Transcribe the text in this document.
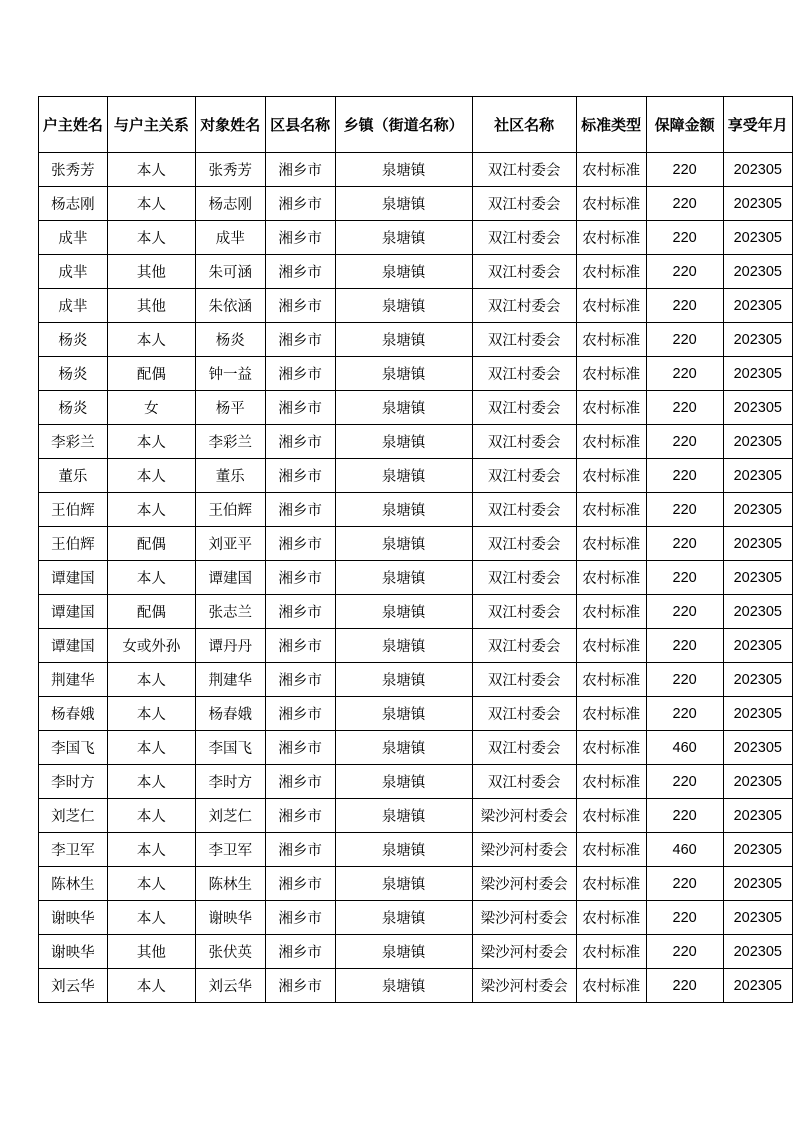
户主姓名	与户主关系	对象姓名	区县名称	乡镇（街道名称）	社区名称	标准类型	保障金额	享受年月
张秀芳	本人	张秀芳	湘乡市	泉塘镇	双江村委会	农村标准	220	202305
杨志刚	本人	杨志刚	湘乡市	泉塘镇	双江村委会	农村标准	220	202305
成芈	本人	成芈	湘乡市	泉塘镇	双江村委会	农村标准	220	202305
成芈	其他	朱可涵	湘乡市	泉塘镇	双江村委会	农村标准	220	202305
成芈	其他	朱依涵	湘乡市	泉塘镇	双江村委会	农村标准	220	202305
杨炎	本人	杨炎	湘乡市	泉塘镇	双江村委会	农村标准	220	202305
杨炎	配偶	钟一益	湘乡市	泉塘镇	双江村委会	农村标准	220	202305
杨炎	女	杨平	湘乡市	泉塘镇	双江村委会	农村标准	220	202305
李彩兰	本人	李彩兰	湘乡市	泉塘镇	双江村委会	农村标准	220	202305
董乐	本人	董乐	湘乡市	泉塘镇	双江村委会	农村标准	220	202305
王伯辉	本人	王伯辉	湘乡市	泉塘镇	双江村委会	农村标准	220	202305
王伯辉	配偶	刘亚平	湘乡市	泉塘镇	双江村委会	农村标准	220	202305
谭建国	本人	谭建国	湘乡市	泉塘镇	双江村委会	农村标准	220	202305
谭建国	配偶	张志兰	湘乡市	泉塘镇	双江村委会	农村标准	220	202305
谭建国	女或外孙	谭丹丹	湘乡市	泉塘镇	双江村委会	农村标准	220	202305
荆建华	本人	荆建华	湘乡市	泉塘镇	双江村委会	农村标准	220	202305
杨春娥	本人	杨春娥	湘乡市	泉塘镇	双江村委会	农村标准	220	202305
李国飞	本人	李国飞	湘乡市	泉塘镇	双江村委会	农村标准	460	202305
李时方	本人	李时方	湘乡市	泉塘镇	双江村委会	农村标准	220	202305
刘芝仁	本人	刘芝仁	湘乡市	泉塘镇	梁沙河村委会	农村标准	220	202305
李卫军	本人	李卫军	湘乡市	泉塘镇	梁沙河村委会	农村标准	460	202305
陈林生	本人	陈林生	湘乡市	泉塘镇	梁沙河村委会	农村标准	220	202305
谢映华	本人	谢映华	湘乡市	泉塘镇	梁沙河村委会	农村标准	220	202305
谢映华	其他	张伏英	湘乡市	泉塘镇	梁沙河村委会	农村标准	220	202305
刘云华	本人	刘云华	湘乡市	泉塘镇	梁沙河村委会	农村标准	220	202305
